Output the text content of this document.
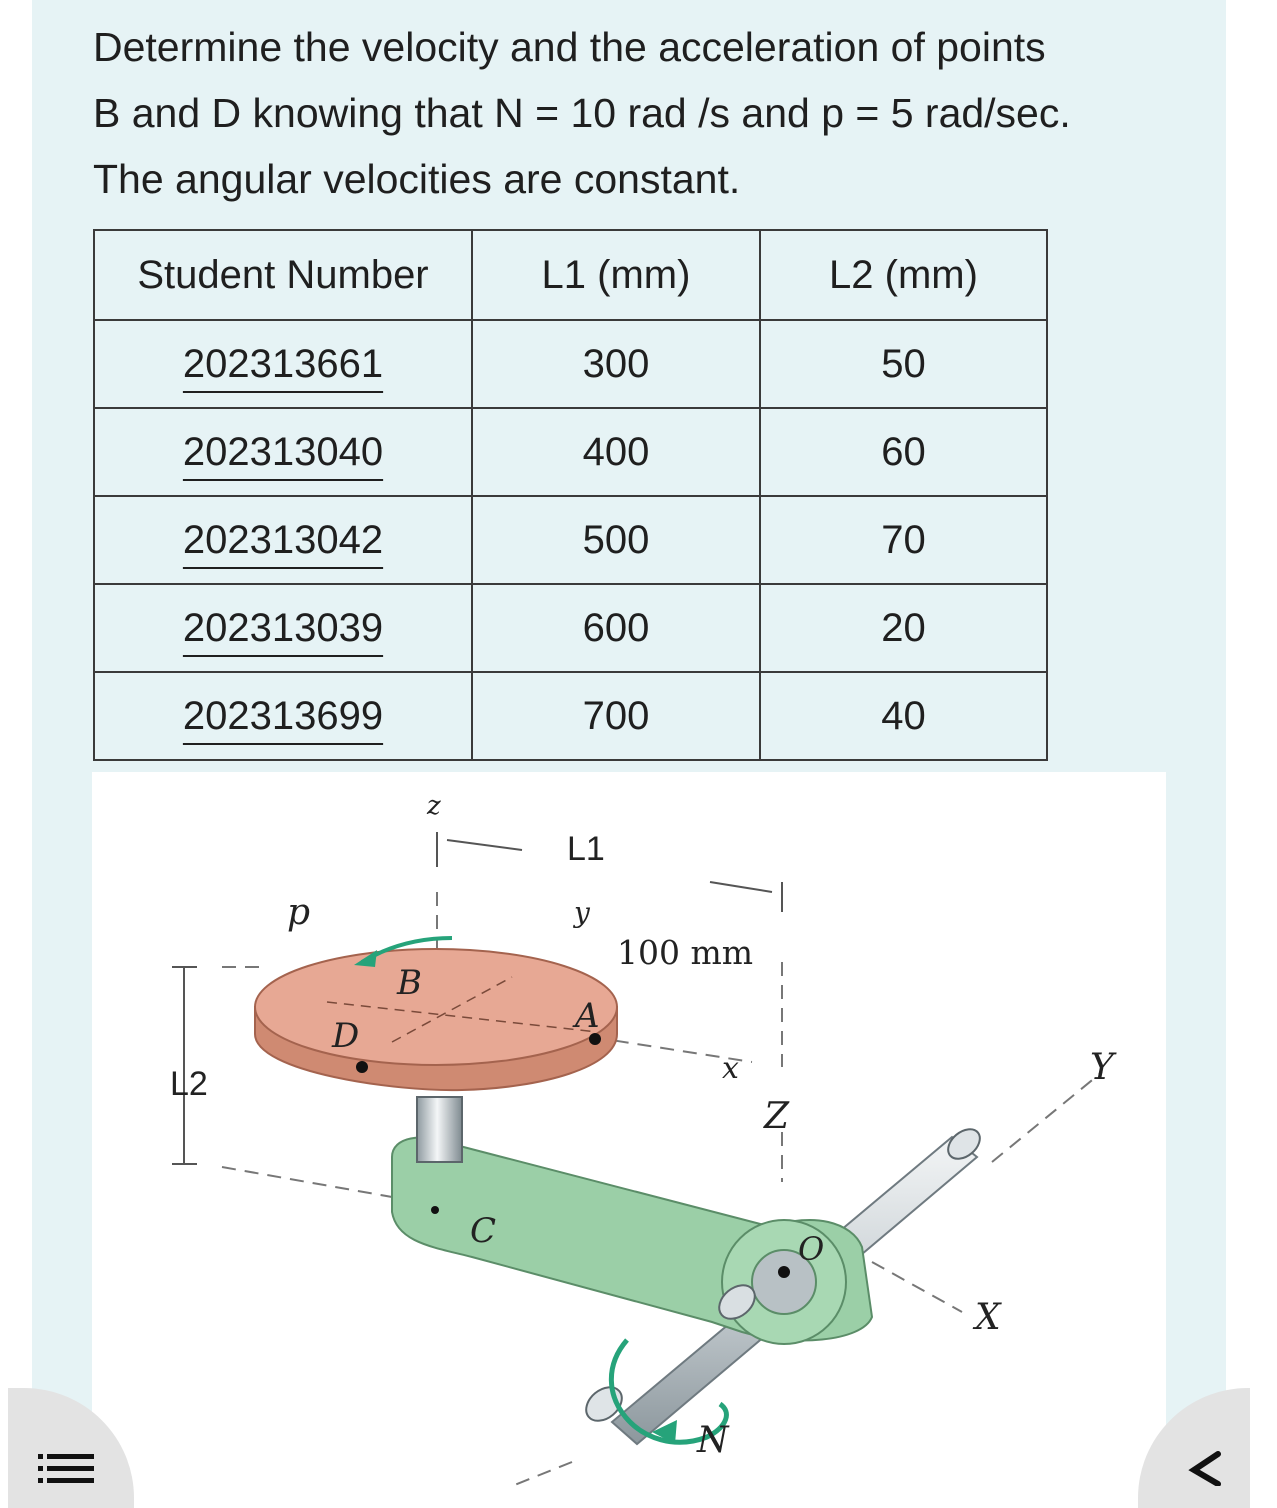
Determine the velocity and the acceleration of points
B and D knowing that N = 10 rad /s and p = 5 rad/sec.
The angular velocities are constant.
Student Number	L1 (mm)	L2 (mm)
202313661	300	50
202313040	400	60
202313042	500	70
202313039	600	20
202313699	700	40
z
L1
p	y
100 mm
B
A
D
x	Y
L2
Z
C	O
X
N
